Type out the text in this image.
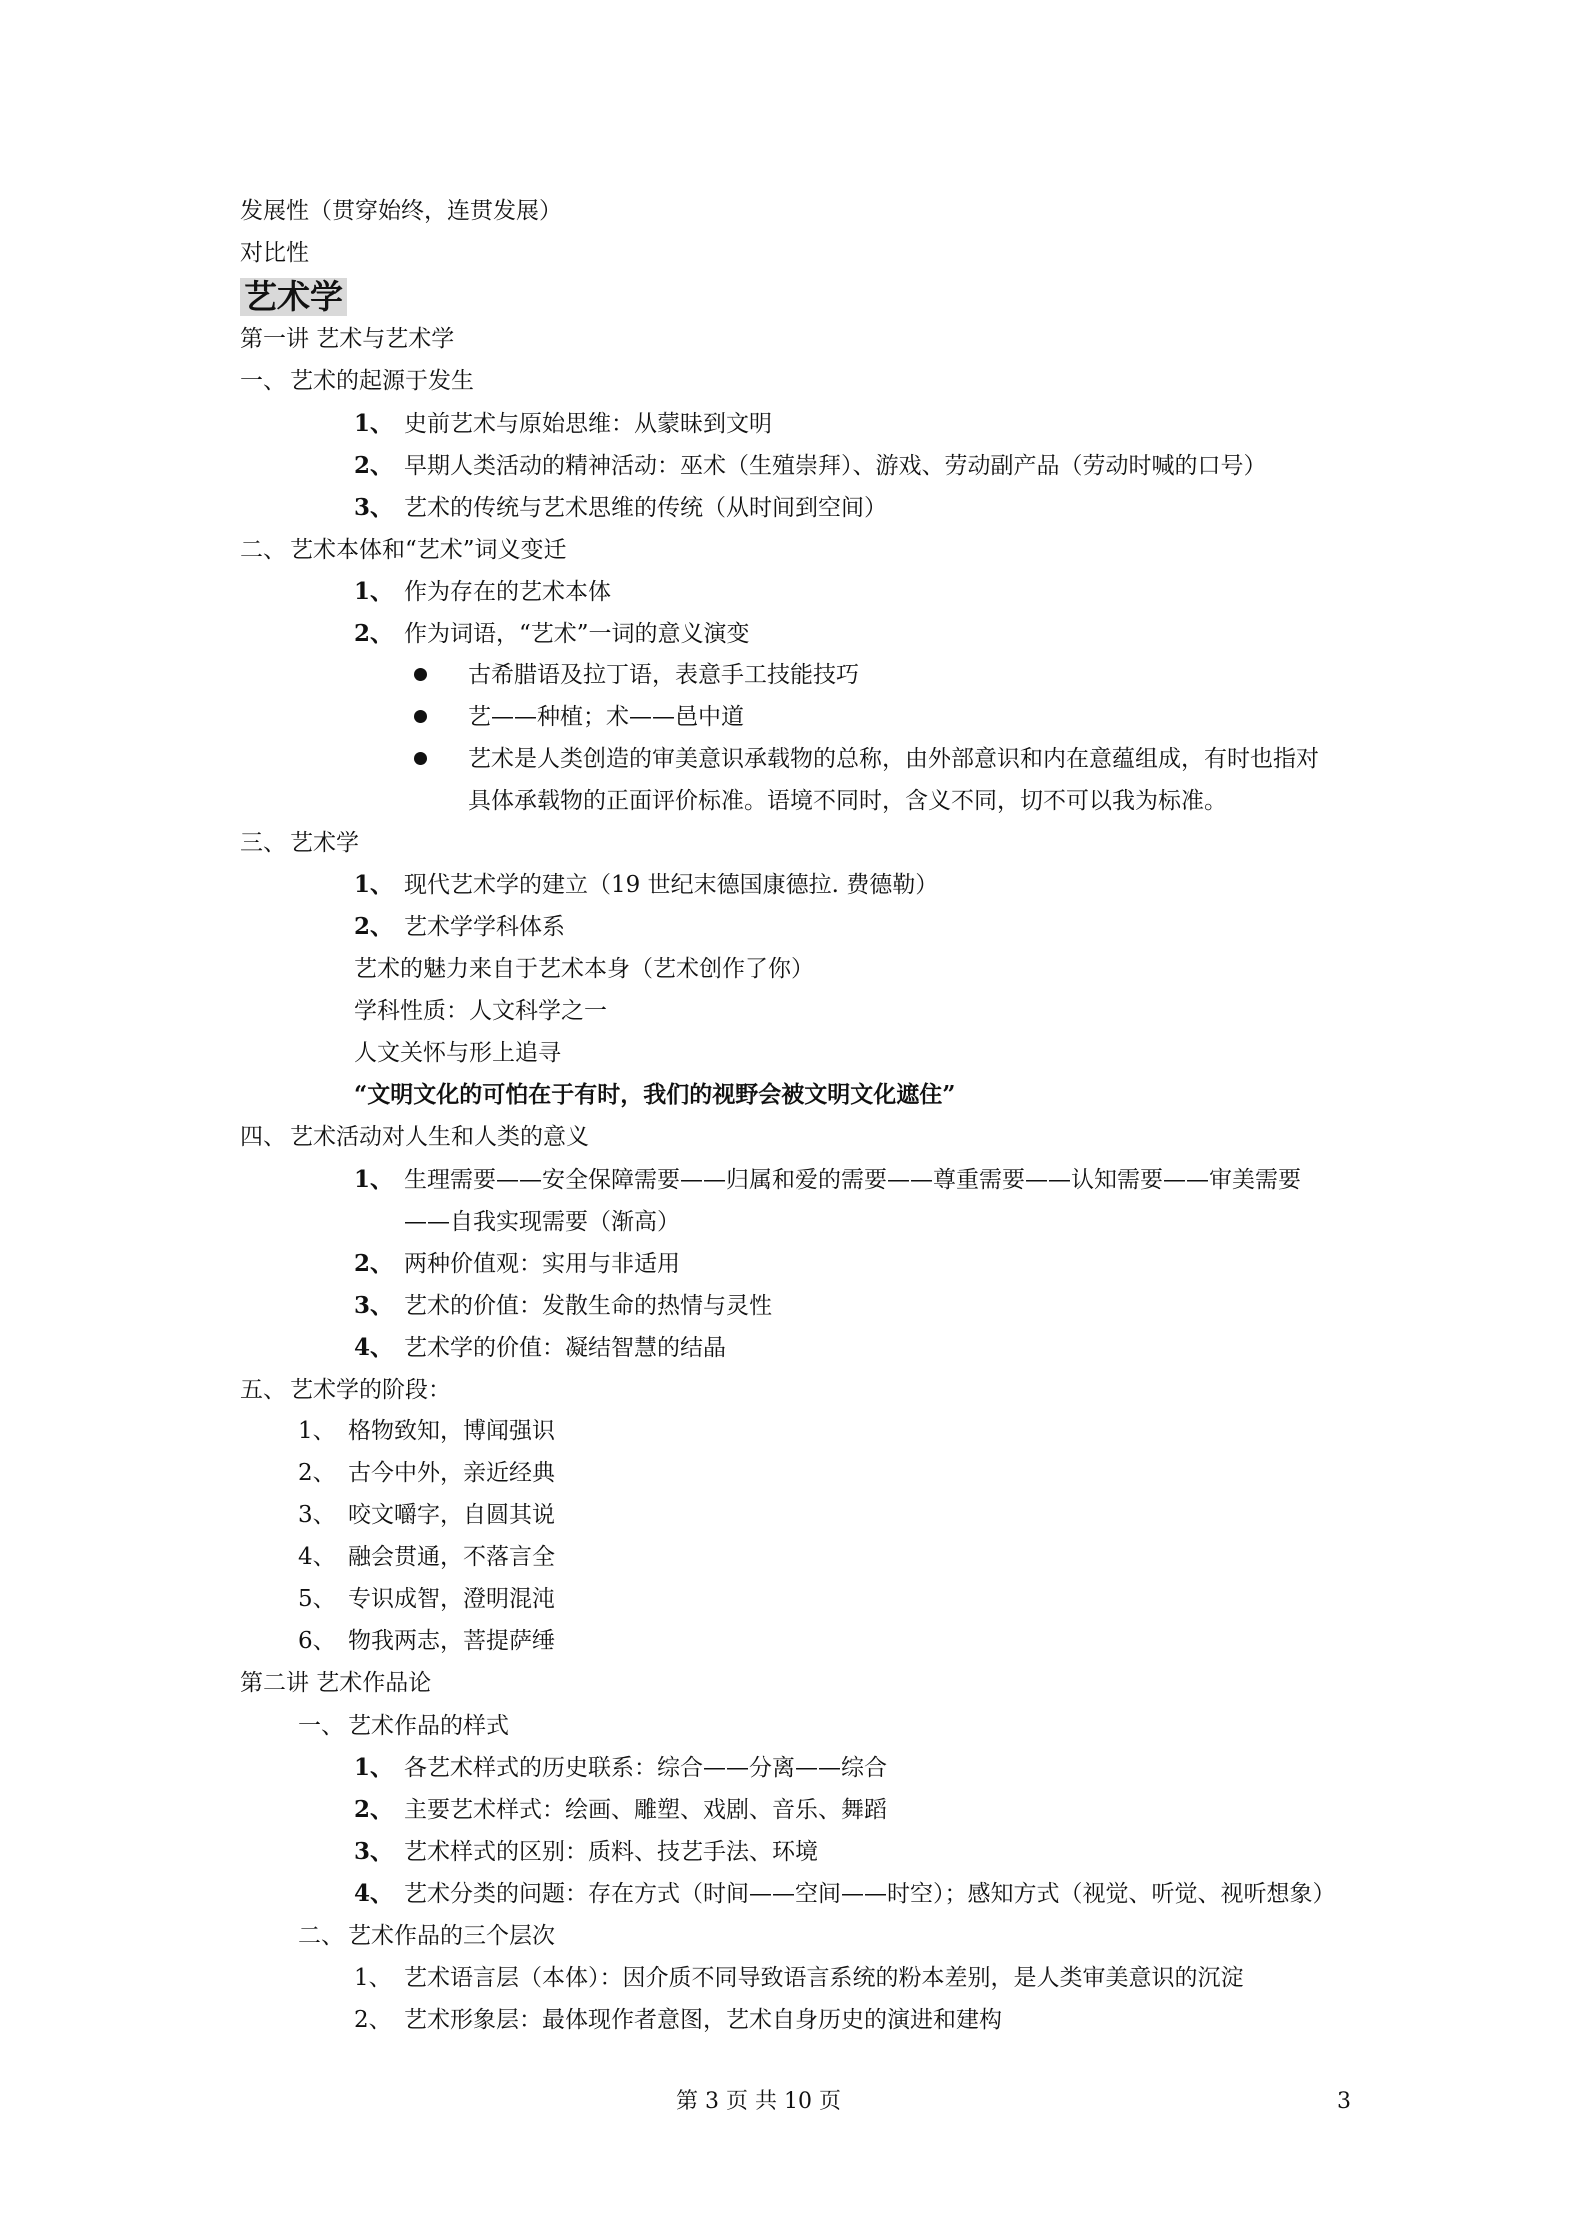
发展性（贯穿始终，连贯发展）
对比性
艺术学
第一讲 艺术与艺术学
一、 艺术的起源于发生
1、 史前艺术与原始思维：从蒙昧到文明
2、 早期人类活动的精神活动：巫术（生殖崇拜）、游戏、劳动副产品（劳动时喊的口号）
3、 艺术的传统与艺术思维的传统（从时间到空间）
二、 艺术本体和“艺术”词义变迁
1、 作为存在的艺术本体
2、 作为词语，“艺术”一词的意义演变
古希腊语及拉丁语，表意手工技能技巧
艺——种植；术——邑中道
艺术是人类创造的审美意识承载物的总称，由外部意识和内在意蕴组成，有时也指对
具体承载物的正面评价标准。语境不同时，含义不同，切不可以我为标准。
三、 艺术学
1、 现代艺术学的建立（19 世纪末德国康德拉. 费德勒）
2、 艺术学学科体系
艺术的魅力来自于艺术本身（艺术创作了你）
学科性质：人文科学之一
人文关怀与形上追寻
“文明文化的可怕在于有时，我们的视野会被文明文化遮住”
四、 艺术活动对人生和人类的意义
1、 生理需要——安全保障需要——归属和爱的需要——尊重需要——认知需要——审美需要
——自我实现需要（渐高）
2、 两种价值观：实用与非适用
3、 艺术的价值：发散生命的热情与灵性
4、 艺术学的价值：凝结智慧的结晶
五、 艺术学的阶段：
1、 格物致知，博闻强识
2、 古今中外，亲近经典
3、 咬文嚼字，自圆其说
4、 融会贯通，不落言全
5、 专识成智，澄明混沌
6、 物我两志，菩提萨缍
第二讲 艺术作品论
一、 艺术作品的样式
1、 各艺术样式的历史联系：综合——分离——综合
2、 主要艺术样式：绘画、雕塑、戏剧、音乐、舞蹈
3、 艺术样式的区别：质料、技艺手法、环境
4、 艺术分类的问题：存在方式（时间——空间——时空）；感知方式（视觉、听觉、视听想象）
二、 艺术作品的三个层次
1、 艺术语言层（本体）：因介质不同导致语言系统的粉本差别，是人类审美意识的沉淀
2、 艺术形象层：最体现作者意图，艺术自身历史的演进和建构
第 3 页 共 10 页	3
